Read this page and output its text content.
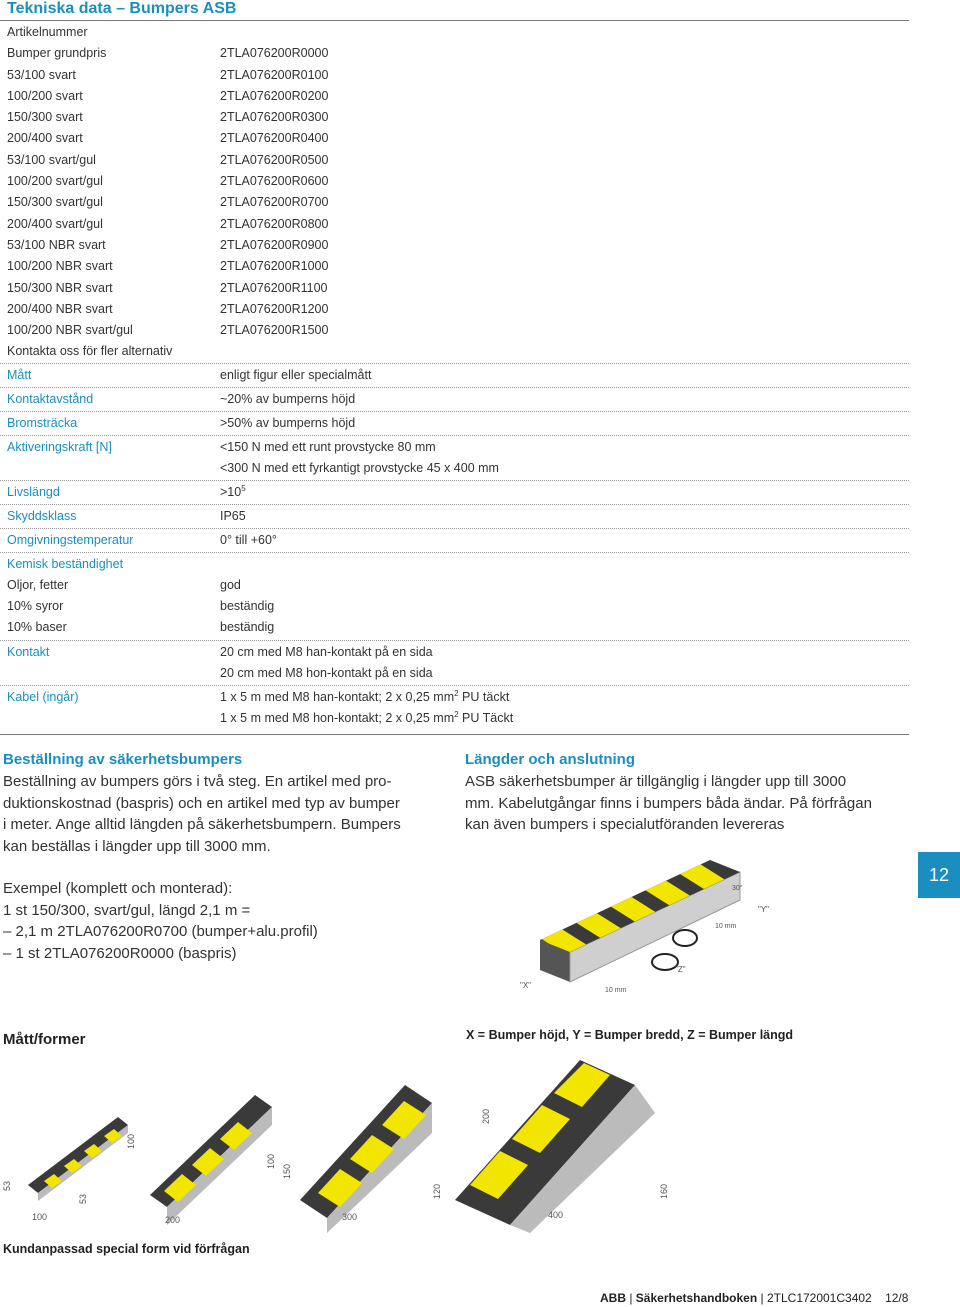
Tekniska data – Bumpers ASB
Artikelnummer
Bumper grundpris	2TLA076200R0000
53/100 svart	2TLA076200R0100
100/200 svart	2TLA076200R0200
150/300 svart	2TLA076200R0300
200/400 svart	2TLA076200R0400
53/100 svart/gul	2TLA076200R0500
100/200 svart/gul	2TLA076200R0600
150/300 svart/gul	2TLA076200R0700
200/400 svart/gul	2TLA076200R0800
53/100 NBR svart	2TLA076200R0900
100/200 NBR svart	2TLA076200R1000
150/300 NBR svart	2TLA076200R1100
200/400 NBR svart	2TLA076200R1200
100/200 NBR svart/gul	2TLA076200R1500
Kontakta oss för fler alternativ
Mått	enligt figur eller specialmått
Kontaktavstånd	~20% av bumperns höjd
Bromsträcka	>50% av bumperns höjd
Aktiveringskraft [N]	<150 N med ett runt provstycke 80 mm
<300 N med ett fyrkantigt provstycke 45 x 400 mm
Livslängd	$>10^5$
Skyddsklass	IP65
Omgivningstemperatur	0° till +60°
Kemisk beständighet
Oljor, fetter	god
10% syror	beständig
10% baser	beständig
Kontakt	20 cm med M8 han-kontakt på en sida
20 cm med M8 hon-kontakt på en sida
Kabel (ingår)	1 x 5 m med M8 han-kontakt; 2 x 0,25 $mm^2$ PU täckt
1 x 5 m med M8 hon-kontakt; 2 x 0,25 $mm^2$ PU Täckt
Beställning av säkerhetsbumpers
Beställning av bumpers görs i två steg. En artikel med pro-
duktionskostnad (baspris) och en artikel med typ av bumper
i meter. Ange alltid längden på säkerhetsbumpern. Bumpers
kan beställas i längder upp till 3000 mm.
Exempel (komplett och monterad):
1 st 150/300, svart/gul, längd 2,1 m =
– 2,1 m 2TLA076200R0700 (bumper+alu.profil)
– 1 st 2TLA076200R0000 (baspris)
Längder och anslutning
ASB säkerhetsbumper är tillgänglig i längder upp till 3000
mm. Kabelutgångar finns i bumpers båda ändar. På förfrågan
kan även bumpers i specialutföranden levereras
12
"X"
"Z"
"Y"
10 mm
10 mm
30°
X = Bumper höjd, Y = Bumper bredd, Z = Bumper längd
Mått/former
53
100
53
100
200
100
150
300
120
200
400
160
Kundanpassad special form vid förfrågan
ABB | Säkerhetshandboken | 2TLC172001C3402 12/8
